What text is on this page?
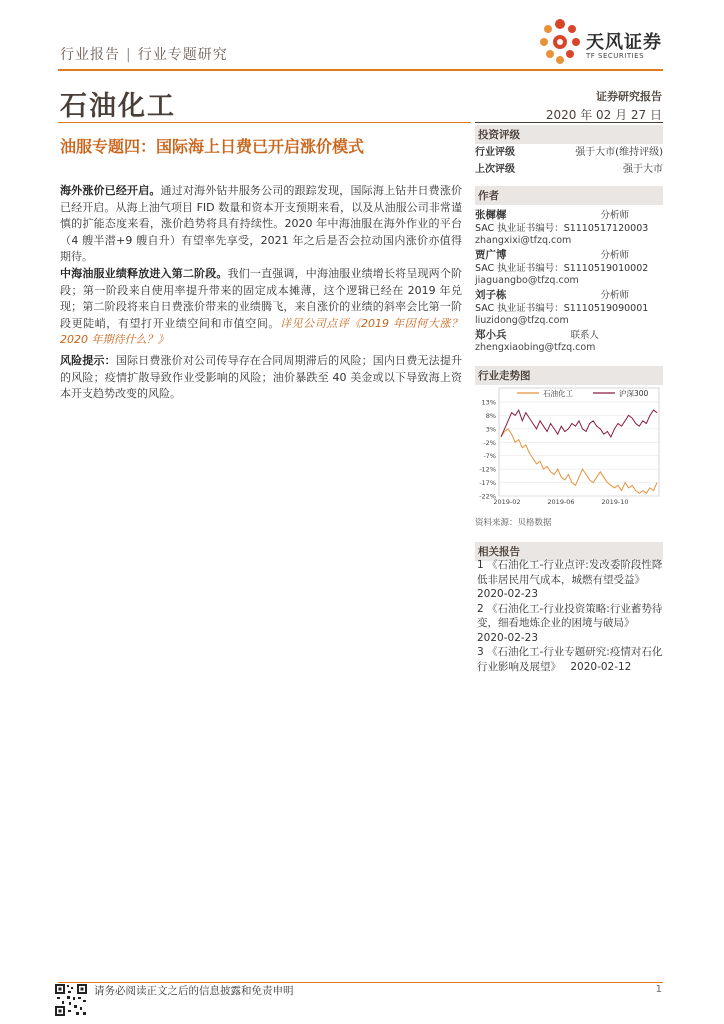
行业报告 | 行业专题研究
天风证券
TF SECURITIES
石油化工	证券研究报告
2020 年 02 月 27 日
油服专题四：国际海上日费已开启涨价模式
海外涨价已经开启。通过对海外钻井服务公司的跟踪发现，国际海上钻井日费涨价已经开启。从海上油气项目 FID 数量和资本开支预期来看，以及从油服公司非常谨慎的扩能态度来看，涨价趋势将具有持续性。2020 年中海油服在海外作业的平台（4 艘半潜+9 艘自升）有望率先享受，2021 年之后是否会拉动国内涨价亦值得期待。
中海油服业绩释放进入第二阶段。我们一直强调，中海油服业绩增长将呈现两个阶段；第一阶段来自使用率提升带来的固定成本摊薄，这个逻辑已经在 2019 年兑现；第二阶段将来自日费涨价带来的业绩腾飞，来自涨价的业绩的斜率会比第一阶段更陡峭，有望打开业绩空间和市值空间。详见公司点评《2019 年因何大涨？2020 年期待什么？》
风险提示：国际日费涨价对公司传导存在合同周期滞后的风险；国内日费无法提升的风险；疫情扩散导致作业受影响的风险；油价暴跌至 40 美金或以下导致海上资本开支趋势改变的风险。
投资评级
行业评级	强于大市(维持评级)
上次评级	强于大市
作者
张樨樨	分析师
SAC 执业证书编号：S1110517120003
zhangxixi@tfzq.com
贾广博	分析师
SAC 执业证书编号：S1110519010002
jiaguangbo@tfzq.com
刘子栋	分析师
SAC 执业证书编号：S1110519090001
liuzidong@tfzq.com
郑小兵	联系人
zhengxiaobing@tfzq.com
行业走势图
13%
8%
3%
-2%
-7%
-12%
-17%
-22%
2019-02	2019-06	2019-10
石油化工	沪深300
资料来源：贝格数据
相关报告
1 《石油化工-行业点评:发改委阶段性降低非居民用气成本，城燃有望受益》
2020-02-23
2 《石油化工-行业投资策略:行业蓄势待变，细看地炼企业的困境与破局》
2020-02-23
3 《石油化工-行业专题研究:疫情对石化行业影响及展望》 2020-02-12
请务必阅读正文之后的信息披露和免责申明	1
